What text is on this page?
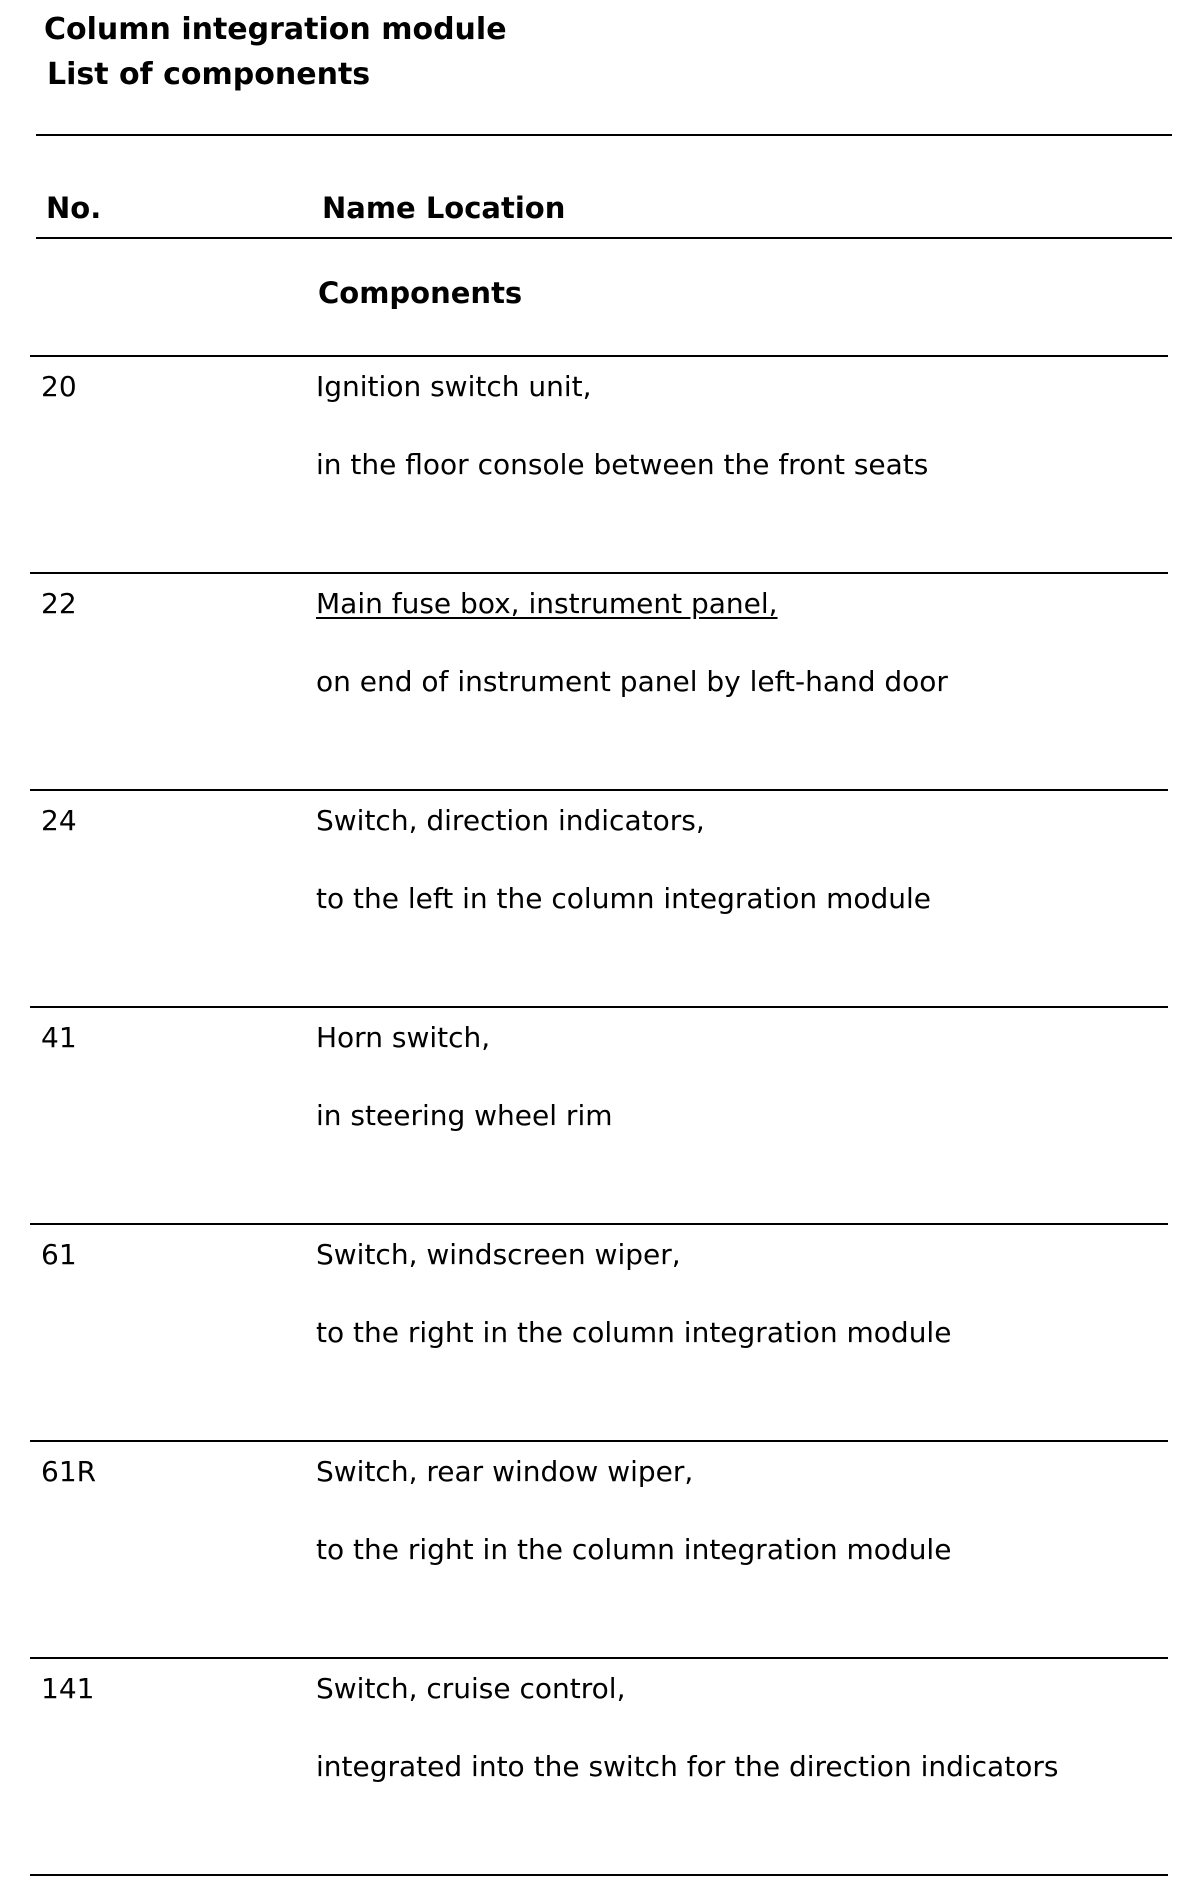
Column integration module
List of components
No.	Name Location
Components
20	Ignition switch unit,
in the floor console between the front seats
22	Main fuse box, instrument panel,
on end of instrument panel by left-hand door
24	Switch, direction indicators,
to the left in the column integration module
41	Horn switch,
in steering wheel rim
61	Switch, windscreen wiper,
to the right in the column integration module
61R	Switch, rear window wiper,
to the right in the column integration module
141	Switch, cruise control,
integrated into the switch for the direction indicators
